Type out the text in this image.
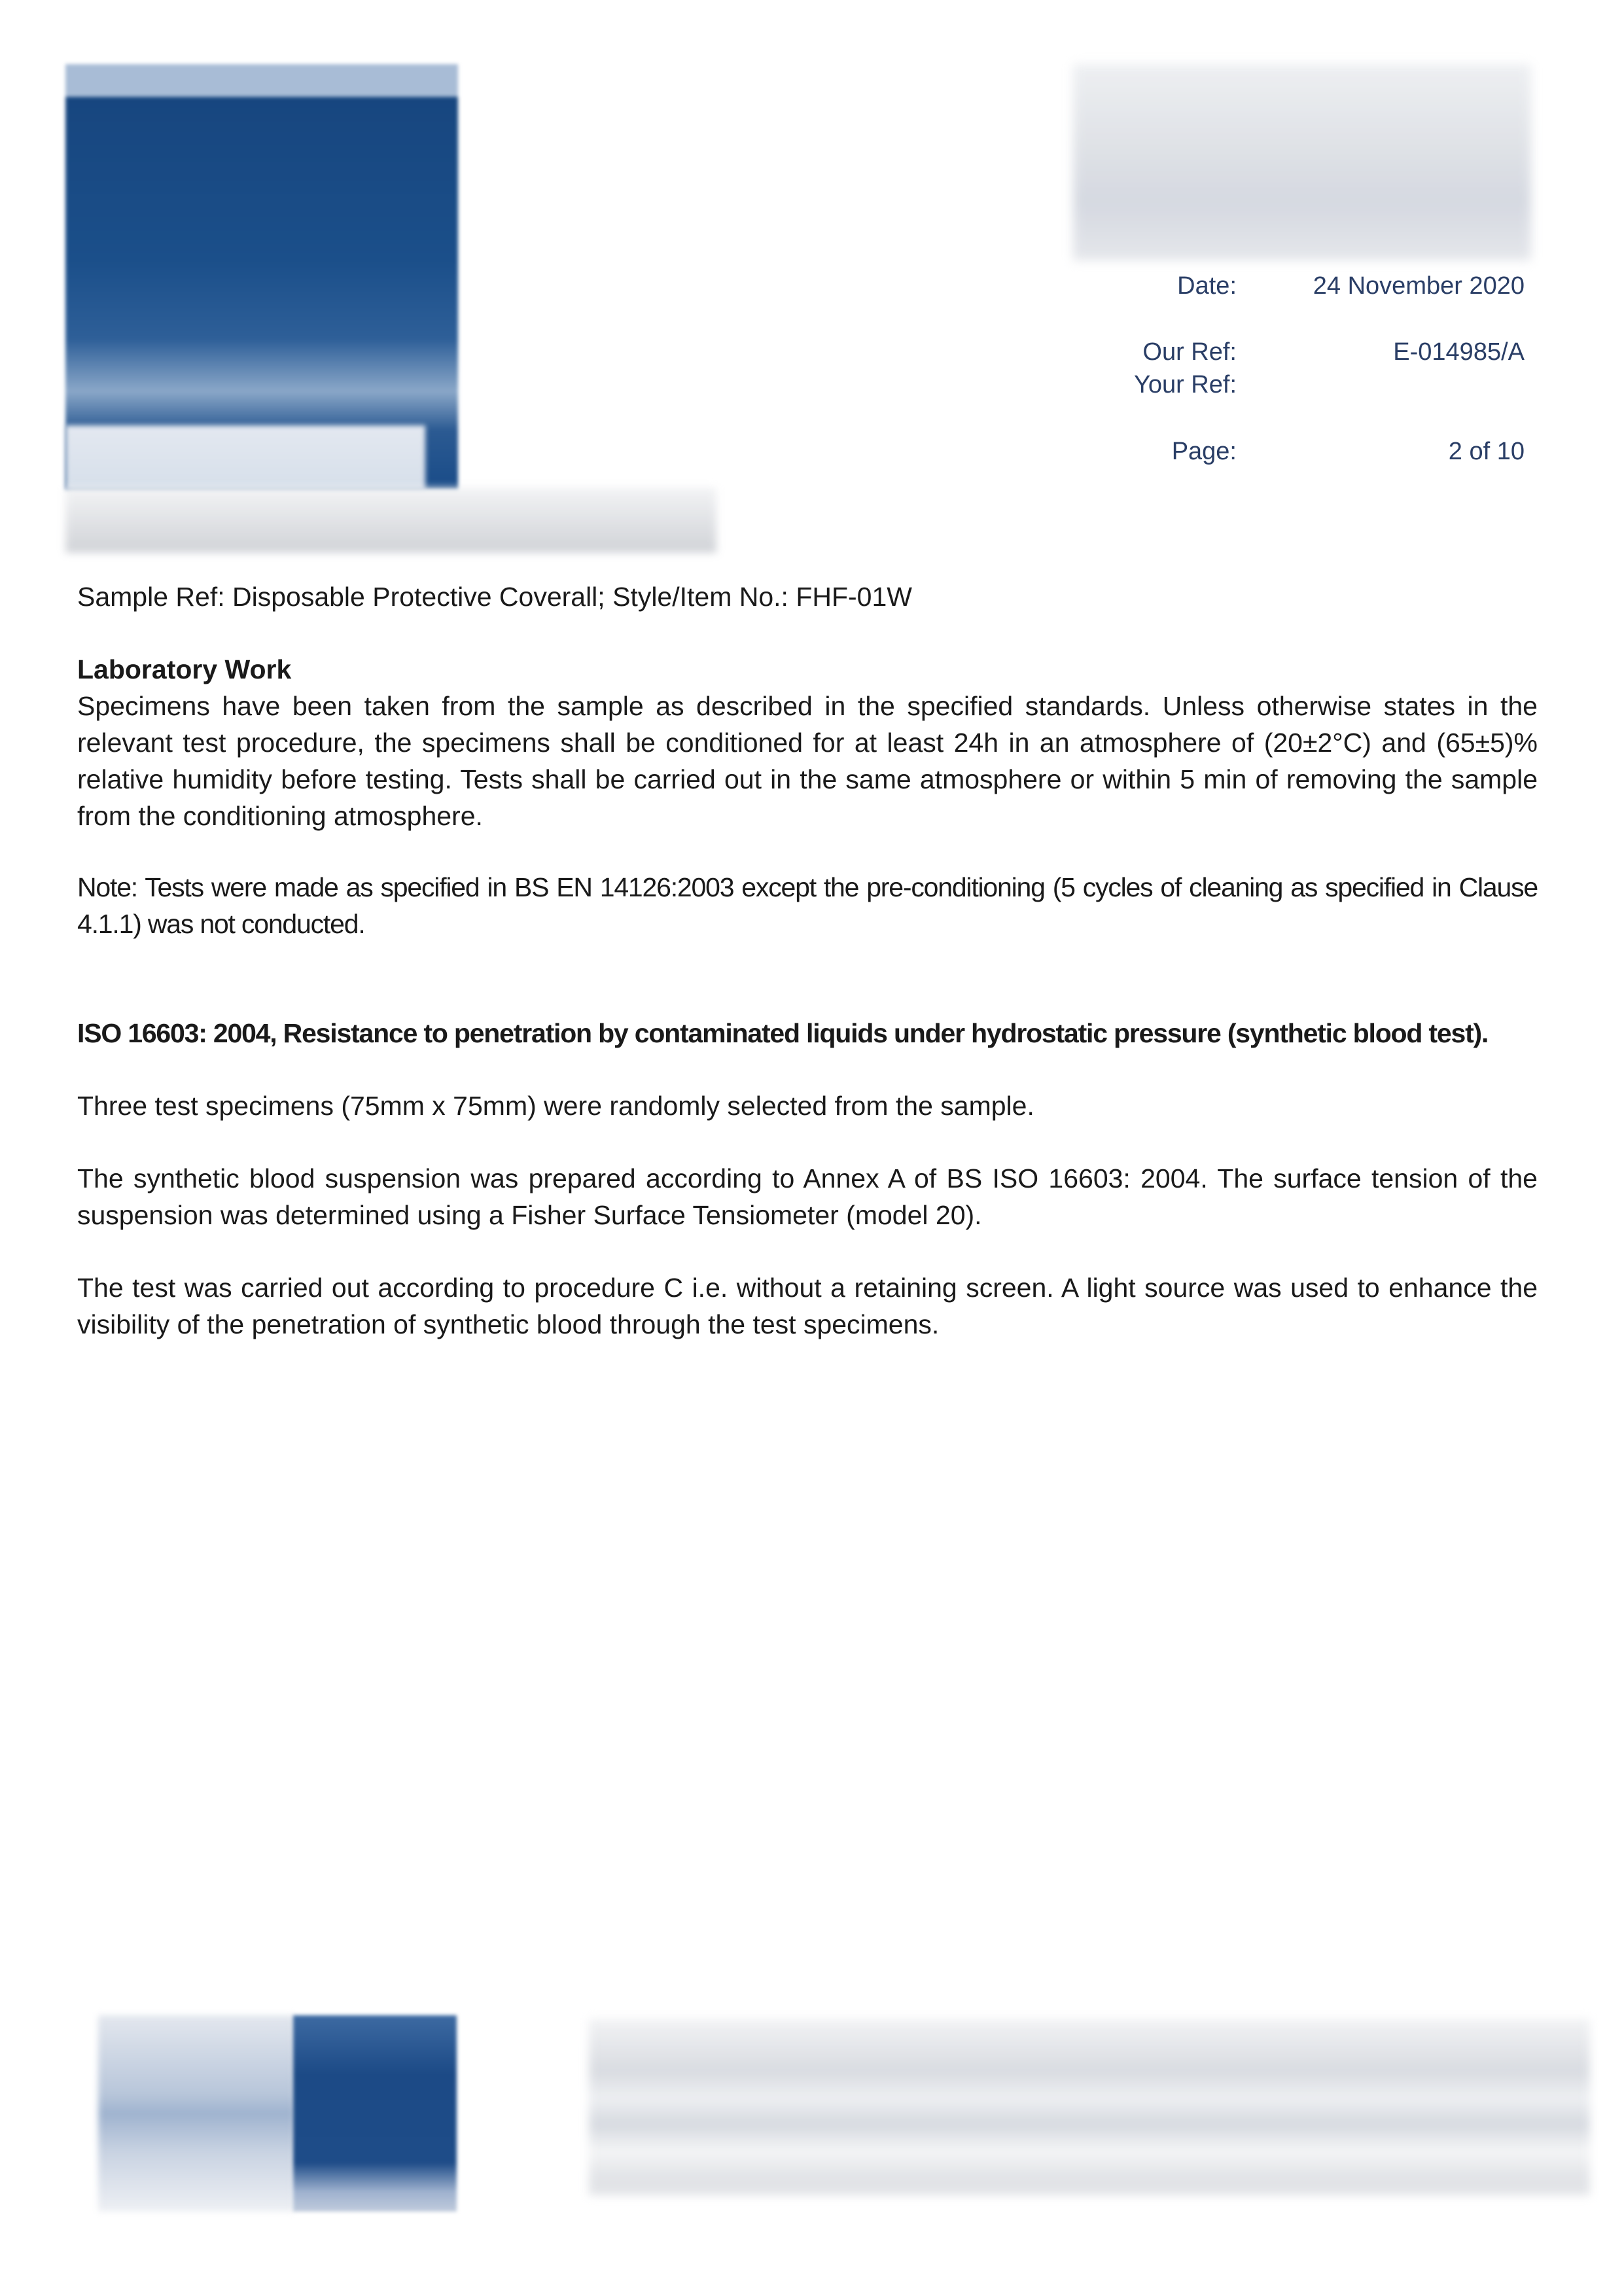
Date:	24 November 2020
Our Ref:	E-014985/A
Your Ref:
Page:	2 of 10
Sample Ref: Disposable Protective Coverall; Style/Item No.: FHF-01W
Laboratory Work
Specimens have been taken from the sample as described in the specified standards. Unless otherwise states in the relevant test procedure, the specimens shall be conditioned for at least 24h in an atmosphere of (20±2°C) and (65±5)% relative humidity before testing. Tests shall be carried out in the same atmosphere or within 5 min of removing the sample from the conditioning atmosphere.
Note: Tests were made as specified in BS EN 14126:2003 except the pre-conditioning (5 cycles of cleaning as specified in Clause 4.1.1) was not conducted.
ISO 16603: 2004, Resistance to penetration by contaminated liquids under hydrostatic pressure (synthetic blood test).
Three test specimens (75mm x 75mm) were randomly selected from the sample.
The synthetic blood suspension was prepared according to Annex A of BS ISO 16603: 2004. The surface tension of the suspension was determined using a Fisher Surface Tensiometer (model 20).
The test was carried out according to procedure C i.e. without a retaining screen. A light source was used to enhance the visibility of the penetration of synthetic blood through the test specimens.
